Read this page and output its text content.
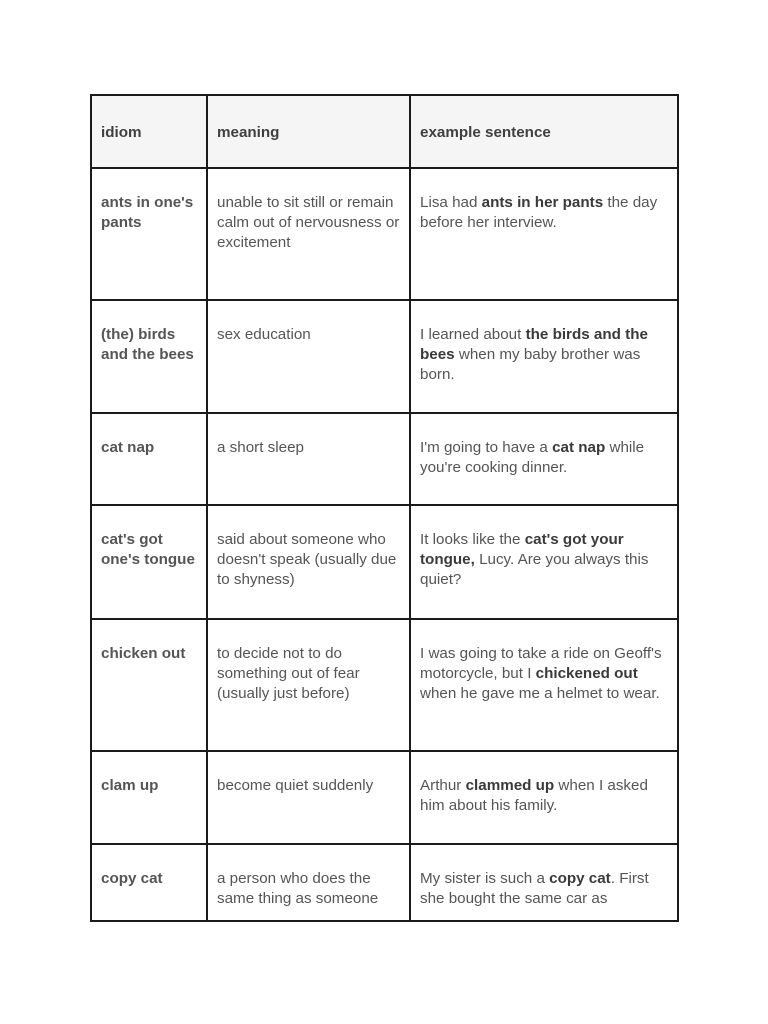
idiom	meaning	example sentence
ants in one's pants	unable to sit still or remain calm out of nervousness or excitement	Lisa had ants in her pants the day before her interview.
(the) birds and the bees	sex education	I learned about the birds and the bees when my baby brother was born.
cat nap	a short sleep	I'm going to have a cat nap while you're cooking dinner.
cat's got one's tongue	said about someone who doesn't speak (usually due to shyness)	It looks like the cat's got your tongue, Lucy. Are you always this quiet?
chicken out	to decide not to do something out of fear (usually just before)	I was going to take a ride on Geoff's motorcycle, but I chickened out when he gave me a helmet to wear.
clam up	become quiet suddenly	Arthur clammed up when I asked him about his family.
copy cat	a person who does the same thing as someone	My sister is such a copy cat. First she bought the same car as
